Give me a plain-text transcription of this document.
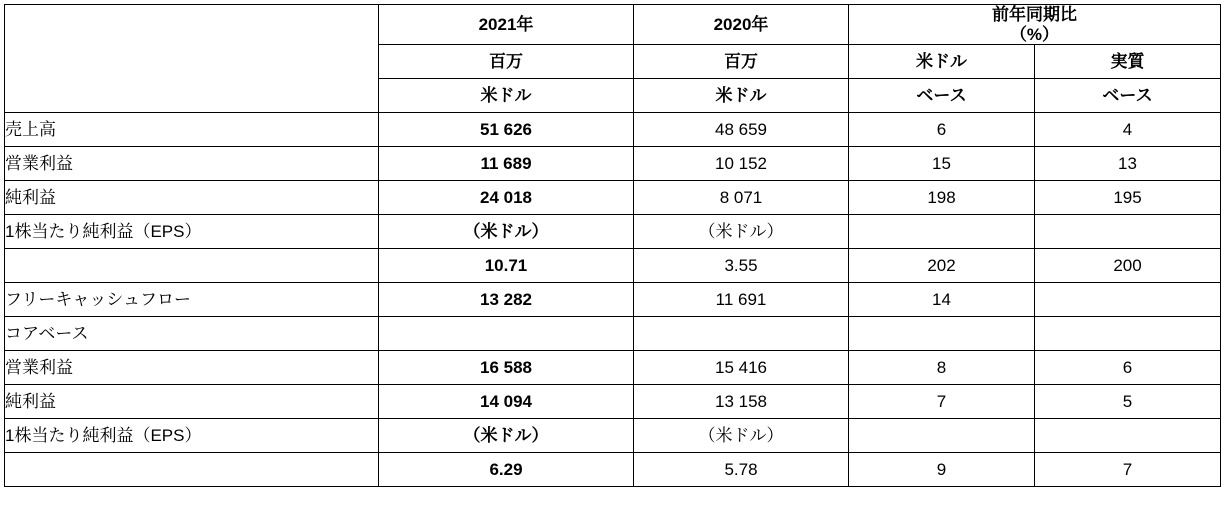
	2021年	2020年	前年同期比
（%）	

	百万	百万	米ドル	実質
	米ドル	米ドル	ベース	ベース
売上高	51 626	48 659	6	4
営業利益	11 689	10 152	15	13
純利益	24 018	8 071	198	195
1株当たり純利益（EPS）	（米ドル）	（米ドル）		
	10.71	3.55	202	200
フリーキャッシュフロー	13 282	11 691	14	
コアベース				
営業利益	16 588	15 416	8	6
純利益	14 094	13 158	7	5
1株当たり純利益（EPS）	（米ドル）	（米ドル）		
	6.29	5.78	9	7
